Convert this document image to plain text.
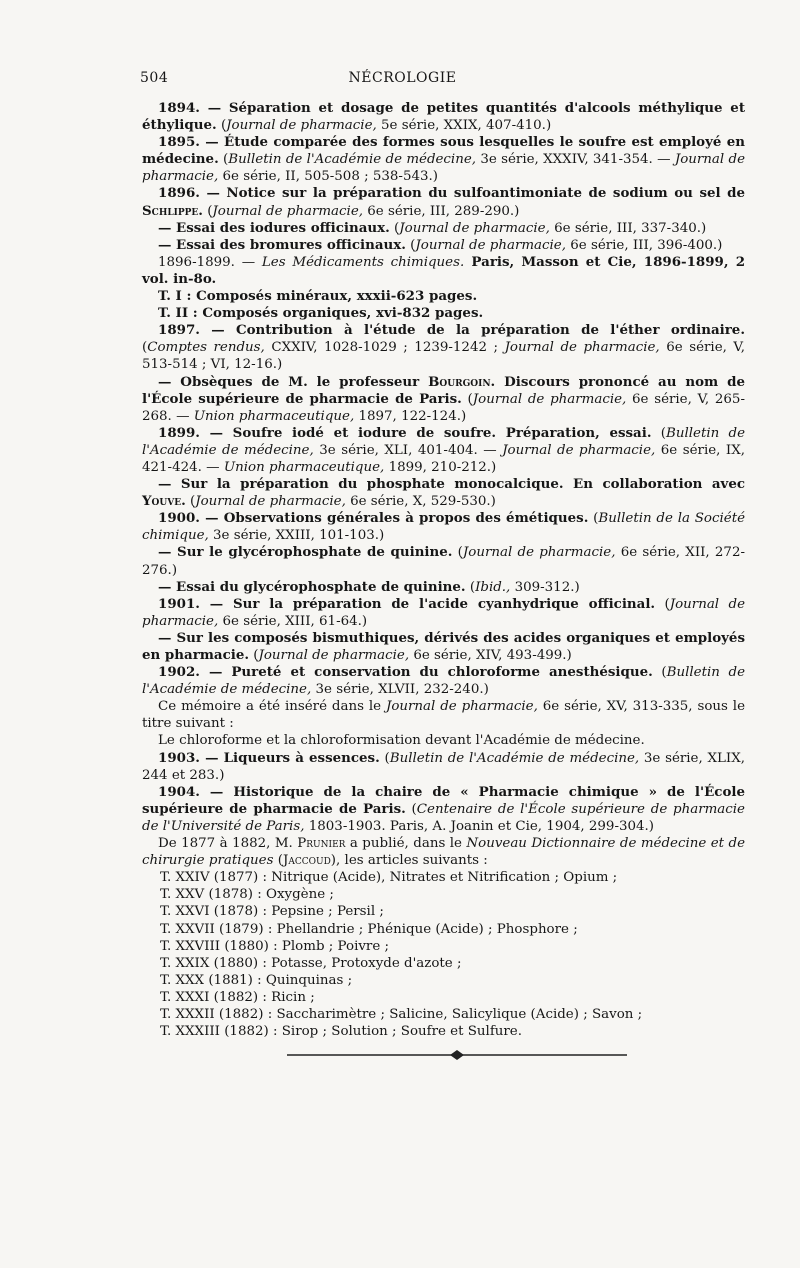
504	NÉCROLOGIE

1894. — Séparation et dosage de petites quantités d'alcools méthylique et éthylique. (Journal de pharmacie, 5e série, XXIX, 407-410.)

1895. — Étude comparée des formes sous lesquelles le soufre est employé en médecine. (Bulletin de l'Académie de médecine, 3e série, XXXIV, 341-354. — Journal de pharmacie, 6e série, II, 505-508 ; 538-543.)

1896. — Notice sur la préparation du sulfoantimoniate de sodium ou sel de Schlippe. (Journal de pharmacie, 6e série, III, 289-290.)

— Essai des iodures officinaux. (Journal de pharmacie, 6e série, III, 337-340.)

— Essai des bromures officinaux. (Journal de pharmacie, 6e série, III, 396-400.)

1896-1899. — Les Médicaments chimiques. Paris, Masson et Cie, 1896-1899, 2 vol. in-8o.

T. I : Composés minéraux, xxxii-623 pages.

T. II : Composés organiques, xvi-832 pages.

1897. — Contribution à l'étude de la préparation de l'éther ordinaire. (Comptes rendus, CXXIV, 1028-1029 ; 1239-1242 ; Journal de pharmacie, 6e série, V, 513-514 ; VI, 12-16.)

— Obsèques de M. le professeur Bourgoin. Discours prononcé au nom de l'École supérieure de pharmacie de Paris. (Journal de pharmacie, 6e série, V, 265-268. — Union pharmaceutique, 1897, 122-124.)

1899. — Soufre iodé et iodure de soufre. Préparation, essai. (Bulletin de l'Académie de médecine, 3e série, XLI, 401-404. — Journal de pharmacie, 6e série, IX, 421-424. — Union pharmaceutique, 1899, 210-212.)

— Sur la préparation du phosphate monocalcique. En collaboration avec Youve. (Journal de pharmacie, 6e série, X, 529-530.)

1900. — Observations générales à propos des émétiques. (Bulletin de la Société chimique, 3e série, XXIII, 101-103.)

— Sur le glycérophosphate de quinine. (Journal de pharmacie, 6e série, XII, 272-276.)

— Essai du glycérophosphate de quinine. (Ibid., 309-312.)

1901. — Sur la préparation de l'acide cyanhydrique officinal. (Journal de pharmacie, 6e série, XIII, 61-64.)

— Sur les composés bismuthiques, dérivés des acides organiques et employés en pharmacie. (Journal de pharmacie, 6e série, XIV, 493-499.)

1902. — Pureté et conservation du chloroforme anesthésique. (Bulletin de l'Académie de médecine, 3e série, XLVII, 232-240.)

Ce mémoire a été inséré dans le Journal de pharmacie, 6e série, XV, 313-335, sous le titre suivant :

Le chloroforme et la chloroformisation devant l'Académie de médecine.

1903. — Liqueurs à essences. (Bulletin de l'Académie de médecine, 3e série, XLIX, 244 et 283.)

1904. — Historique de la chaire de « Pharmacie chimique » de l'École supérieure de pharmacie de Paris. (Centenaire de l'École supérieure de pharmacie de l'Université de Paris, 1803-1903. Paris, A. Joanin et Cie, 1904, 299-304.)

De 1877 à 1882, M. Prunier a publié, dans le Nouveau Dictionnaire de médecine et de chirurgie pratiques (Jaccoud), les articles suivants :

T. XXIV (1877) : Nitrique (Acide), Nitrates et Nitrification ; Opium ;

T. XXV (1878) : Oxygène ;

T. XXVI (1878) : Pepsine ; Persil ;

T. XXVII (1879) : Phellandrie ; Phénique (Acide) ; Phosphore ;

T. XXVIII (1880) : Plomb ; Poivre ;

T. XXIX (1880) : Potasse, Protoxyde d'azote ;

T. XXX (1881) : Quinquinas ;

T. XXXI (1882) : Ricin ;

T. XXXII (1882) : Saccharimètre ; Salicine, Salicylique (Acide) ; Savon ;

T. XXXIII (1882) : Sirop ; Solution ; Soufre et Sulfure.
